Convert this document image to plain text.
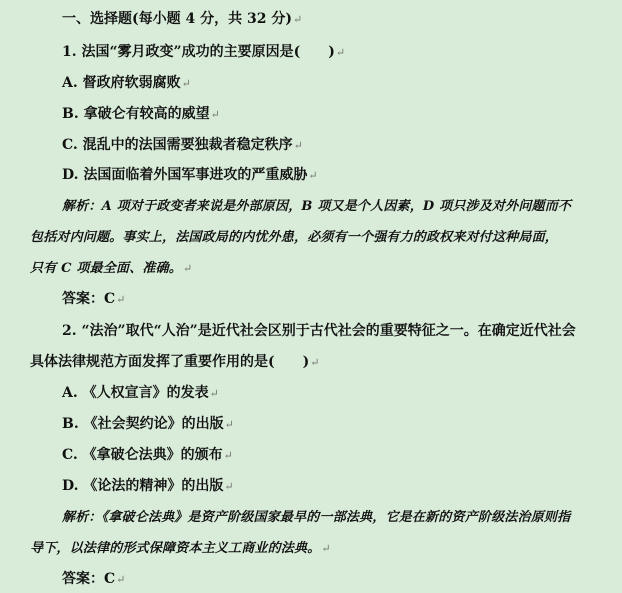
一、选择题(每小题 4 分，共 32 分)↵
1. 法国“雾月政变”成功的主要原因是(　　)↵
A. 督政府软弱腐败↵
B. 拿破仑有较高的威望↵
C. 混乱中的法国需要独裁者稳定秩序↵
D. 法国面临着外国军事进攻的严重威胁↵
解析：A 项对于政变者来说是外部原因，B 项又是个人因素，D 项只涉及对外问题而不
包括对内问题。事实上，法国政局的内忧外患，必须有一个强有力的政权来对付这种局面，
只有 C 项最全面、准确。↵
答案：C↵
2. “法治”取代“人治”是近代社会区别于古代社会的重要特征之一。在确定近代社会
具体法律规范方面发挥了重要作用的是(　　)↵
A. 《人权宣言》的发表↵
B. 《社会契约论》的出版↵
C. 《拿破仑法典》的颁布↵
D. 《论法的精神》的出版↵
解析：《拿破仑法典》是资产阶级国家最早的一部法典，它是在新的资产阶级法治原则指
导下，以法律的形式保障资本主义工商业的法典。↵
答案：C↵
